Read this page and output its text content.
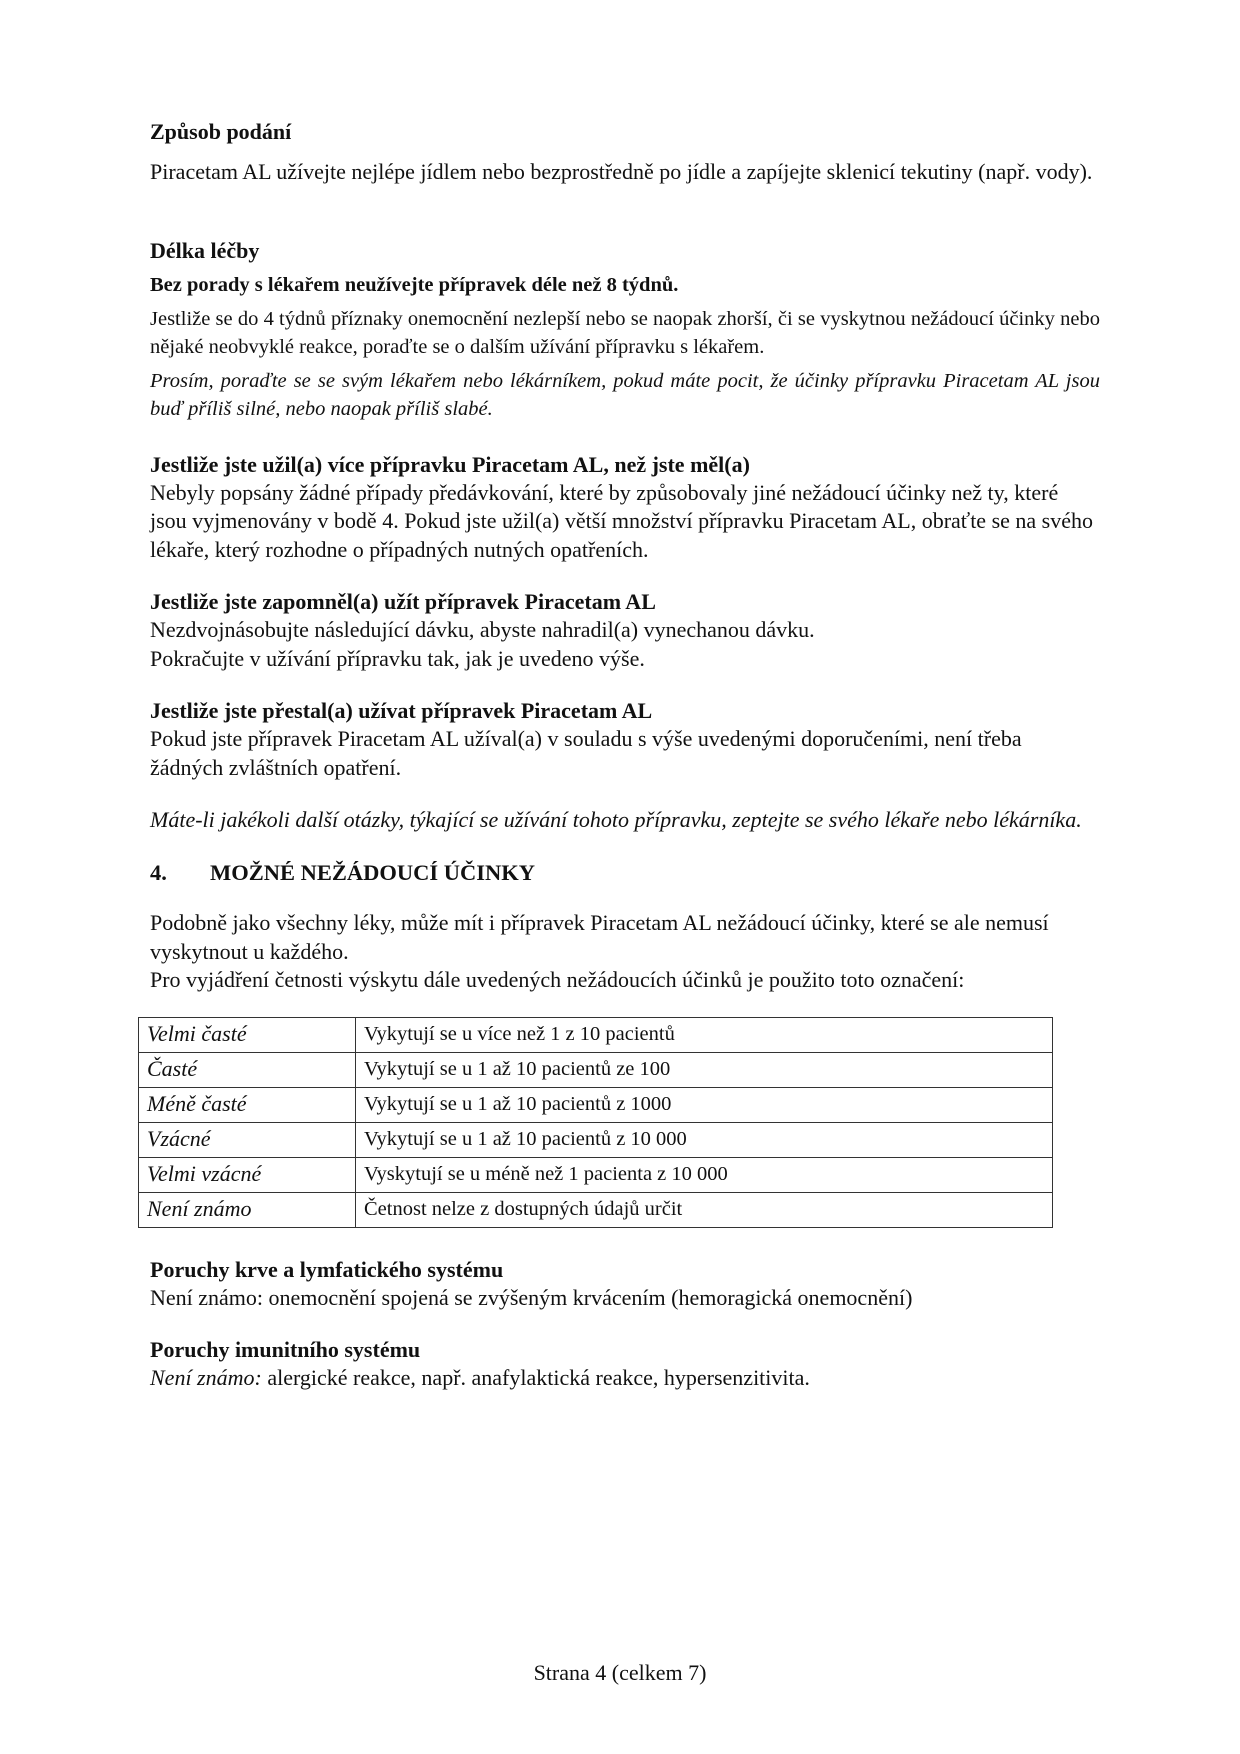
Způsob podání

Piracetam AL užívejte nejlépe jídlem nebo bezprostředně po jídle a zapíjejte sklenicí tekutiny (např. vody).

Délka léčby

Bez porady s lékařem neužívejte přípravek déle než 8 týdnů.

Jestliže se do 4 týdnů příznaky onemocnění nezlepší nebo se naopak zhorší, či se vyskytnou nežádoucí účinky nebo nějaké neobvyklé reakce, poraďte se o dalším užívání přípravku s lékařem.

Prosím, poraďte se se svým lékařem nebo lékárníkem, pokud máte pocit, že účinky přípravku Piracetam AL jsou buď příliš silné, nebo naopak příliš slabé.

Jestliže jste užil(a) více přípravku Piracetam AL, než jste měl(a)

Nebyly popsány žádné případy předávkování, které by způsobovaly jiné nežádoucí účinky než ty, které jsou vyjmenovány v bodě 4. Pokud jste užil(a) větší množství přípravku Piracetam AL, obraťte se na svého lékaře, který rozhodne o případných nutných opatřeních.

Jestliže jste zapomněl(a) užít přípravek Piracetam AL

Nezdvojnásobujte následující dávku, abyste nahradil(a) vynechanou dávku.

Pokračujte v užívání přípravku tak, jak je uvedeno výše.

Jestliže jste přestal(a) užívat přípravek Piracetam AL

Pokud jste přípravek Piracetam AL užíval(a) v souladu s výše uvedenými doporučeními, není třeba žádných zvláštních opatření.

Máte-li jakékoli další otázky, týkající se užívání tohoto přípravku, zeptejte se svého lékaře nebo lékárníka.

4.	MOŽNÉ NEŽÁDOUCÍ ÚČINKY

Podobně jako všechny léky, může mít i přípravek Piracetam AL nežádoucí účinky, které se ale nemusí vyskytnout u každého.

Pro vyjádření četnosti výskytu dále uvedených nežádoucích účinků je použito toto označení:

Velmi časté	Vykytují se u více než 1 z 10 pacientů
Časté	Vykytují se u 1 až 10 pacientů ze 100
Méně časté	Vykytují se u 1 až 10 pacientů z 1000
Vzácné	Vykytují se u 1 až 10 pacientů z 10 000
Velmi vzácné	Vyskytují se u méně než 1 pacienta z 10 000
Není známo	Četnost nelze z dostupných údajů určit
Poruchy krve a lymfatického systému

Není známo: onemocnění spojená se zvýšeným krvácením (hemoragická onemocnění)

Poruchy imunitního systému

Není známo: alergické reakce, např. anafylaktická reakce, hypersenzitivita.

Strana 4 (celkem 7)
